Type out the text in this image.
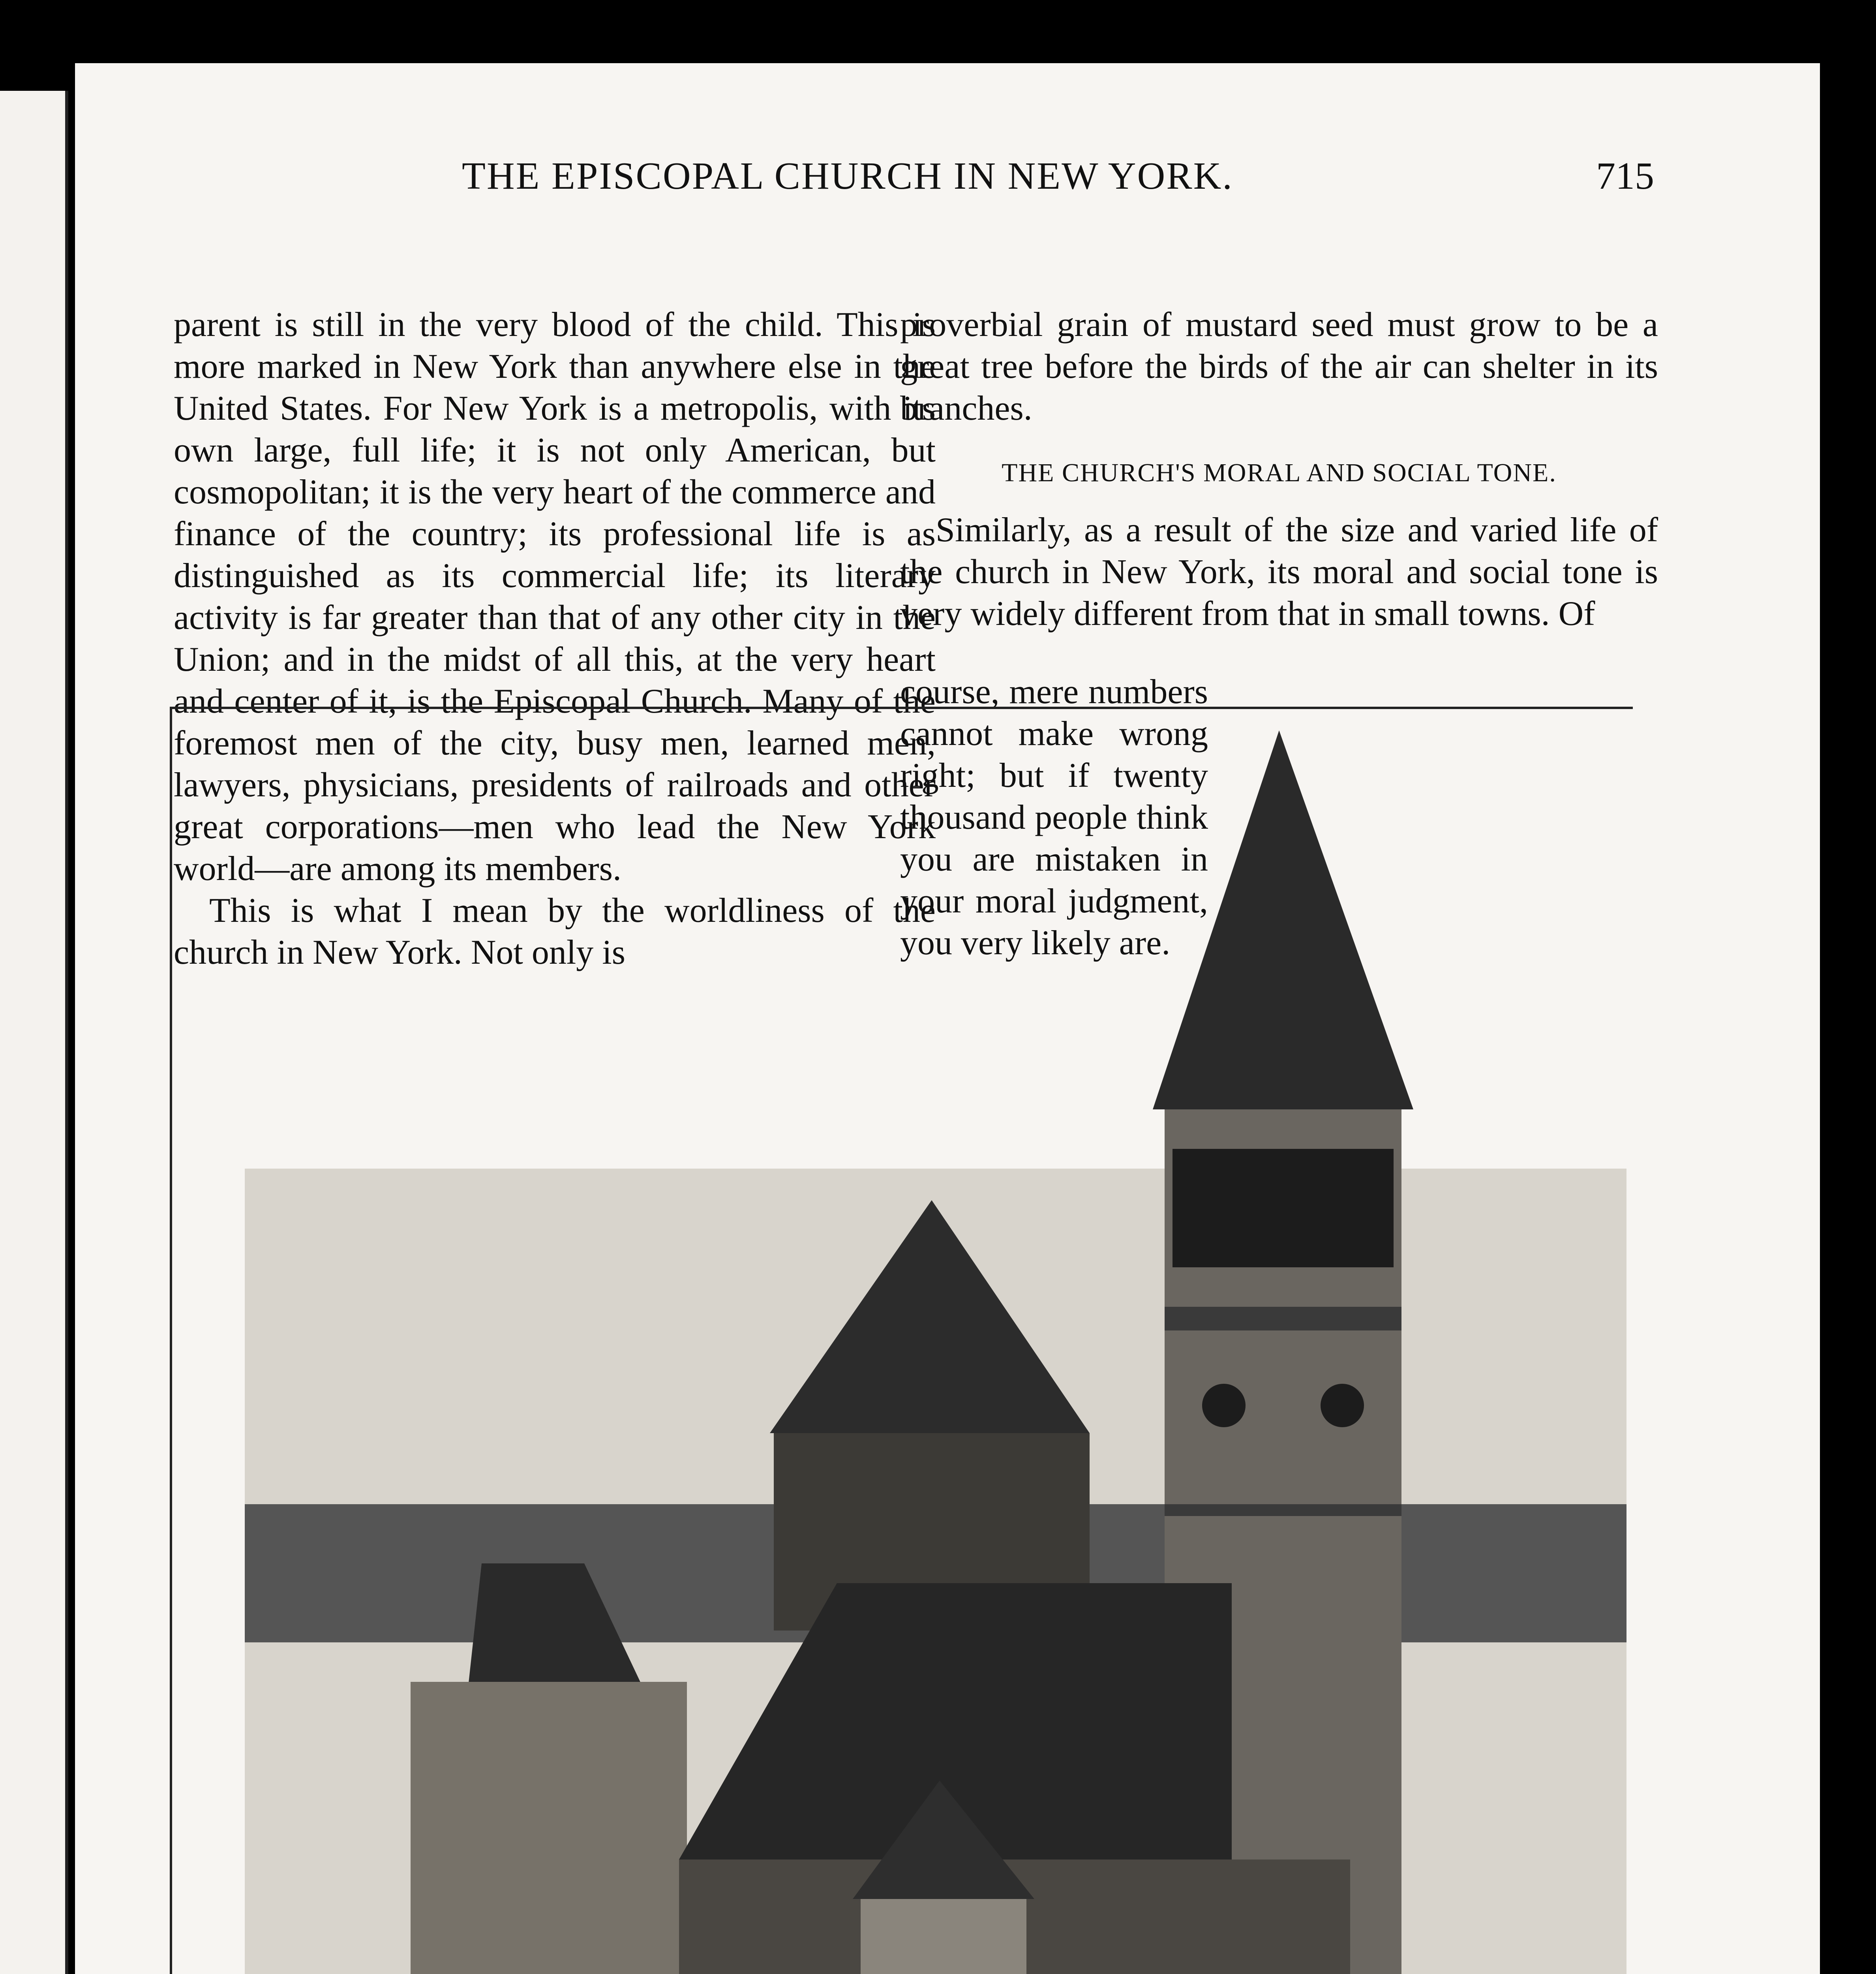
THE EPISCOPAL CHURCH IN NEW YORK.	715

parent is still in the very blood of the child. This is more marked in New York than anywhere else in the United States. For New York is a metropolis, with its own large, full life; it is not only American, but cosmopolitan; it is the very heart of the commerce and finance of the country; its professional life is as distinguished as its commercial life; its literary activity is far greater than that of any other city in the Union; and in the midst of all this, at the very heart and center of it, is the Episcopal Church. Many of the foremost men of the city, busy men, learned men, lawyers, physicians, presidents of railroads and other great corporations—men who lead the New York world—are among its members.

This is what I mean by the worldliness of the church in New York. Not only is

proverbial grain of mustard seed must grow to be a great tree before the birds of the air can shelter in its branches.

THE CHURCH'S MORAL AND SOCIAL TONE.

Similarly, as a result of the size and varied life of the church in New York, its moral and social tone is very widely different from that in small towns. Of

course, mere numbers cannot make wrong right; but if twenty thousand people think you are mistaken in your moral judgment, you very likely are.
